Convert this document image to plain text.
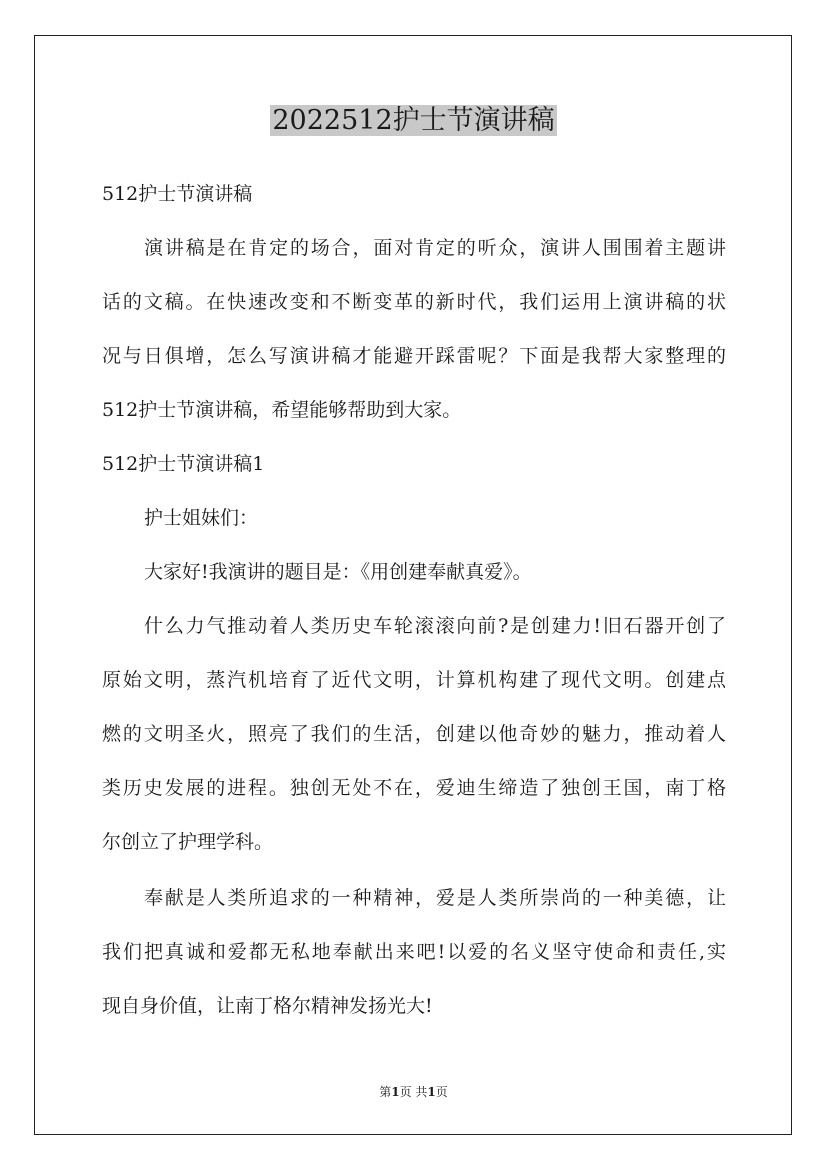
2022512护士节演讲稿

512护士节演讲稿

演讲稿是在肯定的场合，面对肯定的听众，演讲人围围着主题讲

话的文稿。在快速改变和不断变革的新时代，我们运用上演讲稿的状

况与日俱增，怎么写演讲稿才能避开踩雷呢？下面是我帮大家整理的

512护士节演讲稿，希望能够帮助到大家。

512护士节演讲稿1

护士姐妹们：

大家好!我演讲的题目是：《用创建奉献真爱》。

什么力气推动着人类历史车轮滚滚向前?是创建力!旧石器开创了

原始文明，蒸汽机培育了近代文明，计算机构建了现代文明。创建点

燃的文明圣火，照亮了我们的生活，创建以他奇妙的魅力，推动着人

类历史发展的进程。独创无处不在，爱迪生缔造了独创王国，南丁格

尔创立了护理学科。

奉献是人类所追求的一种精神，爱是人类所崇尚的一种美德，让

我们把真诚和爱都无私地奉献出来吧!以爱的名义坚守使命和责任,实

现自身价值，让南丁格尔精神发扬光大!

第1页 共1页
